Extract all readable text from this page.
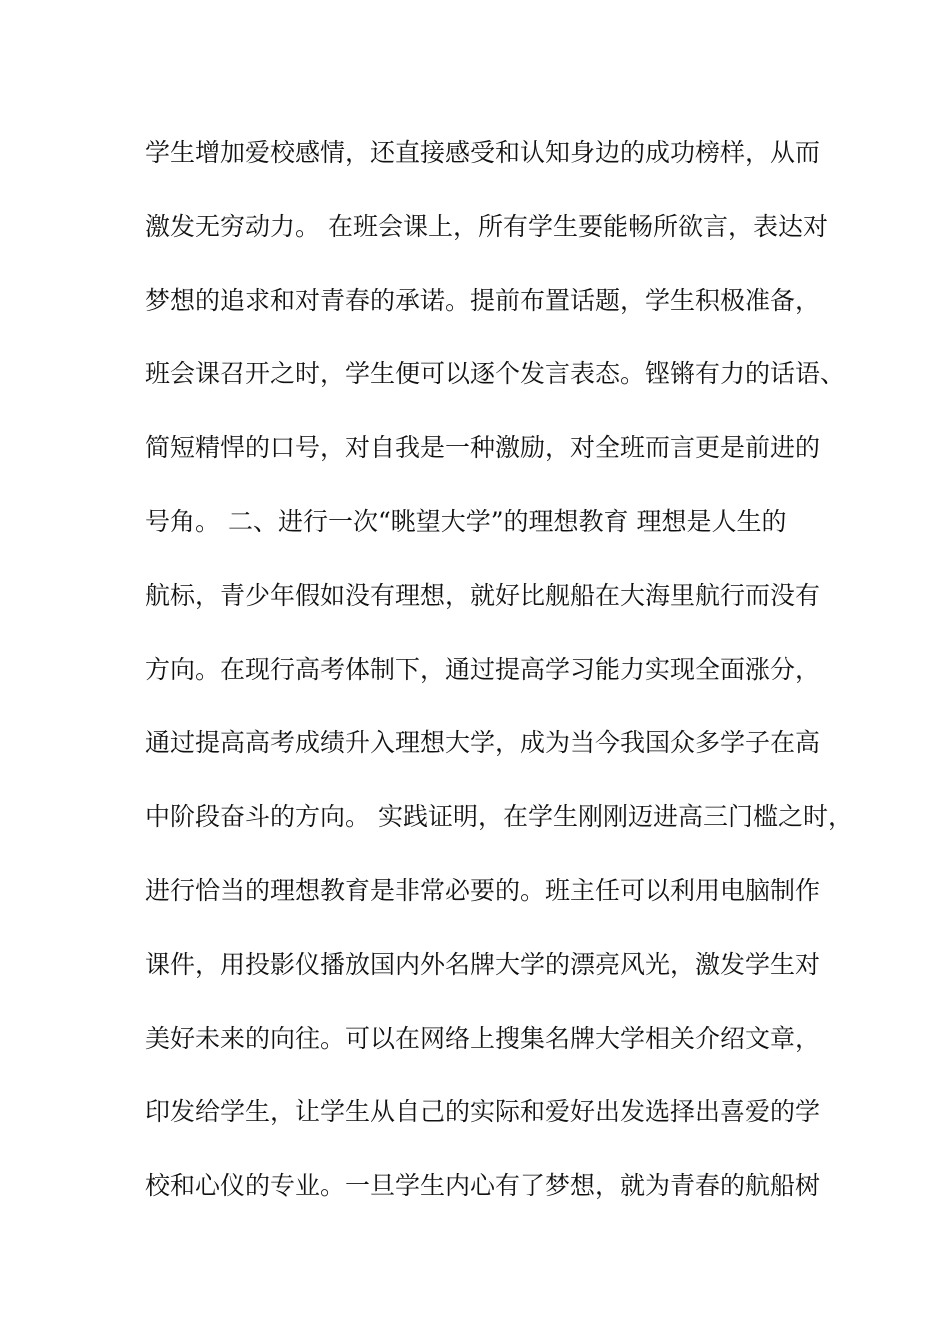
学生增加爱校感情，还直接感受和认知身边的成功榜样，从而
激发无穷动力。 在班会课上，所有学生要能畅所欲言，表达对
梦想的追求和对青春的承诺。提前布置话题，学生积极准备，
班会课召开之时，学生便可以逐个发言表态。铿锵有力的话语、
简短精悍的口号，对自我是一种激励，对全班而言更是前进的
号角。 二、进行一次“眺望大学”的理想教育 理想是人生的
航标，青少年假如没有理想，就好比舰船在大海里航行而没有
方向。在现行高考体制下，通过提高学习能力实现全面涨分，
通过提高高考成绩升入理想大学，成为当今我国众多学子在高
中阶段奋斗的方向。 实践证明，在学生刚刚迈进高三门槛之时，
进行恰当的理想教育是非常必要的。班主任可以利用电脑制作
课件，用投影仪播放国内外名牌大学的漂亮风光，激发学生对
美好未来的向往。可以在网络上搜集名牌大学相关介绍文章，
印发给学生，让学生从自己的实际和爱好出发选择出喜爱的学
校和心仪的专业。一旦学生内心有了梦想，就为青春的航船树
